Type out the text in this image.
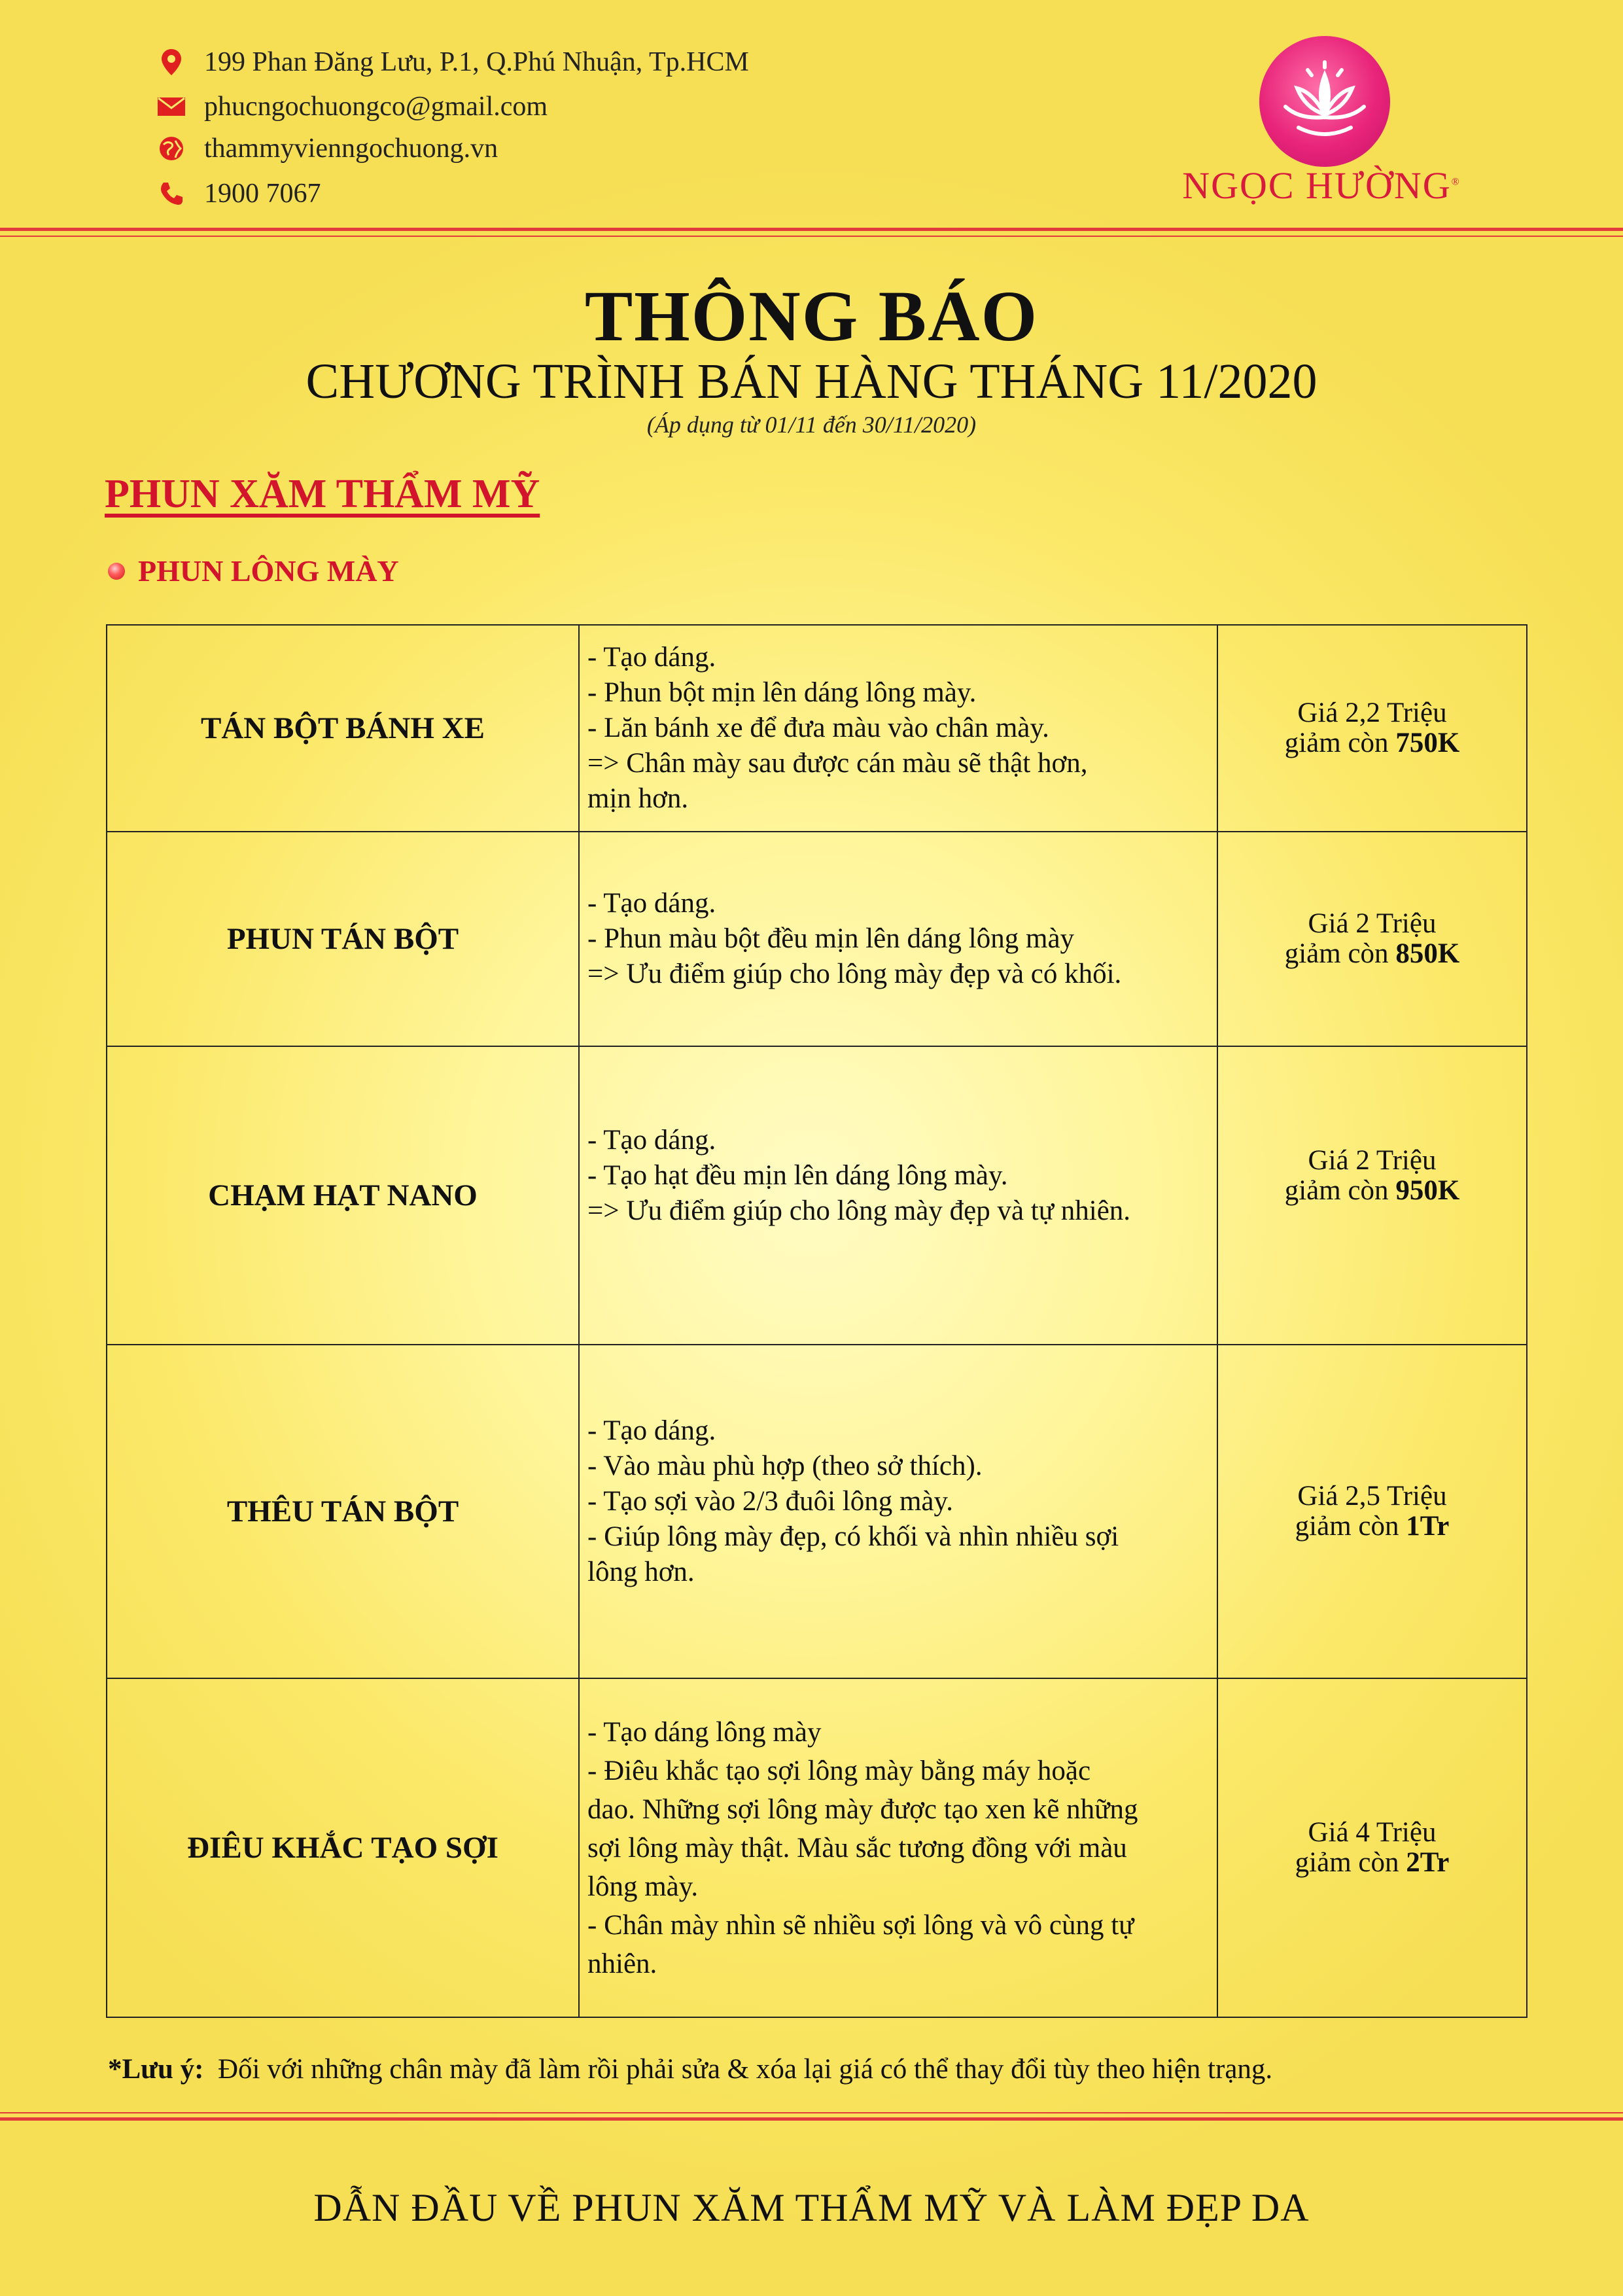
199 Phan Đăng Lưu, P.1, Q.Phú Nhuận, Tp.HCM
phucngochuongco@gmail.com
thammyvienngochuong.vn
1900 7067	NGỌC HƯỜNG®
THÔNG BÁO
CHƯƠNG TRÌNH BÁN HÀNG THÁNG 11/2020
(Áp dụng từ 01/11 đến 30/11/2020)
PHUN XĂM THẨM MỸ
PHUN LÔNG MÀY
TÁN BỘT BÁNH XE
- Tạo dáng.
- Phun bột mịn lên dáng lông mày.
- Lăn bánh xe để đưa màu vào chân mày.
=> Chân mày sau được cán màu sẽ thật hơn,
mịn hơn.
Giá 2,2 Triệu
giảm còn 750K
PHUN TÁN BỘT
- Tạo dáng.
- Phun màu bột đều mịn lên dáng lông mày
=> Ưu điểm giúp cho lông mày đẹp và có khối.
Giá 2 Triệu
giảm còn 850K
CHẠM HẠT NANO
- Tạo dáng.
- Tạo hạt đều mịn lên dáng lông mày.
=> Ưu điểm giúp cho lông mày đẹp và tự nhiên.
Giá 2 Triệu
giảm còn 950K
THÊU TÁN BỘT
- Tạo dáng.
- Vào màu phù hợp (theo sở thích).
- Tạo sợi vào 2/3 đuôi lông mày.
- Giúp lông mày đẹp, có khối và nhìn nhiều sợi
lông hơn.
Giá 2,5 Triệu
giảm còn 1Tr
ĐIÊU KHẮC TẠO SỢI
- Tạo dáng lông mày
- Điêu khắc tạo sợi lông mày bằng máy hoặc
dao. Những sợi lông mày được tạo xen kẽ những
sợi lông mày thật. Màu sắc tương đồng với màu
lông mày.
- Chân mày nhìn sẽ nhiều sợi lông và vô cùng tự
nhiên.
Giá 4 Triệu
giảm còn 2Tr
*Lưu ý: Đối với những chân mày đã làm rồi phải sửa & xóa lại giá có thể thay đổi tùy theo hiện trạng.
DẪN ĐẦU VỀ PHUN XĂM THẨM MỸ VÀ LÀM ĐẸP DA
